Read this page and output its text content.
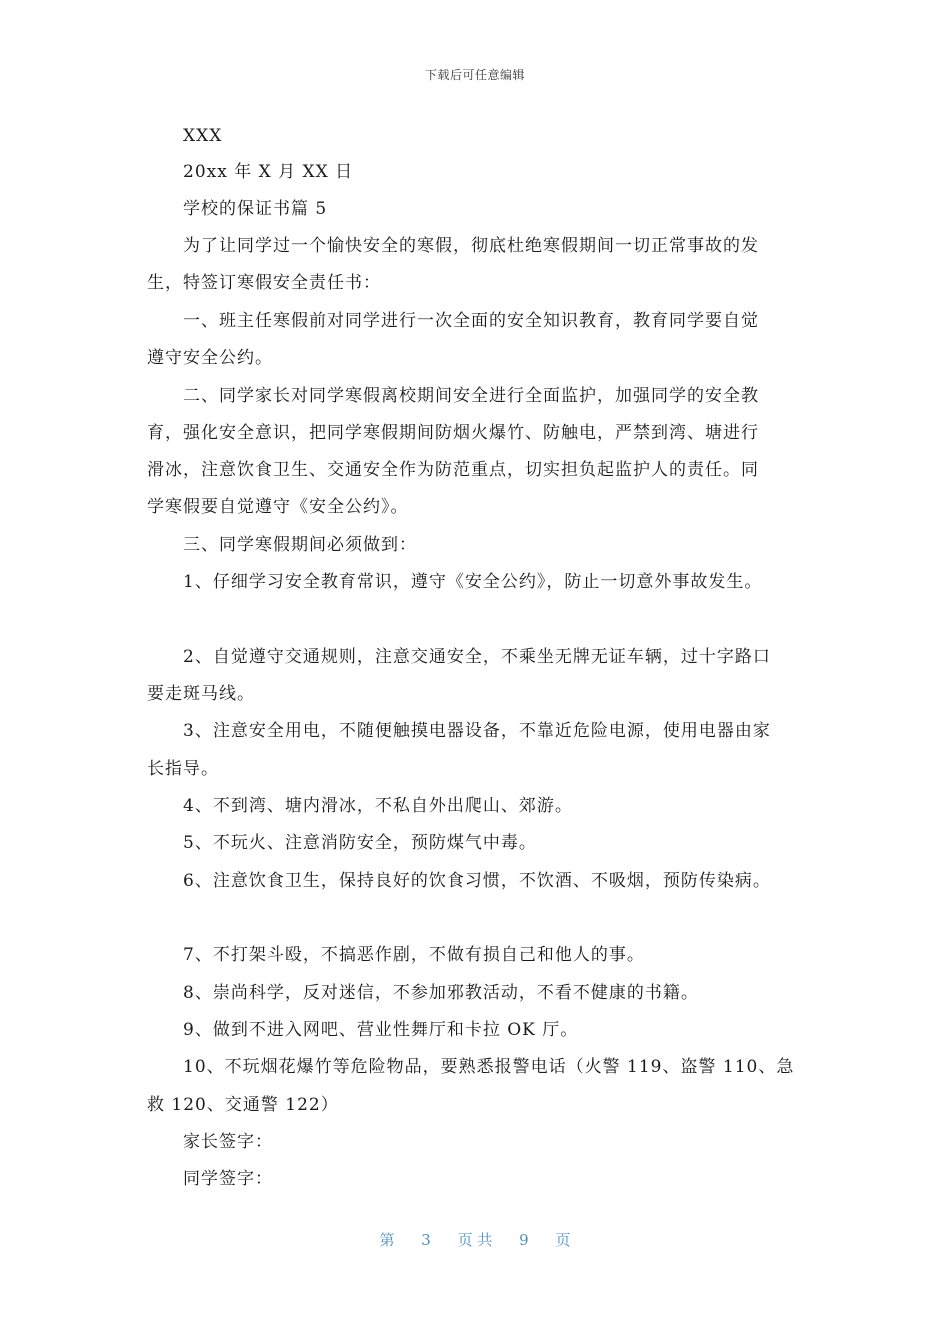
下载后可任意编辑
XXX
20xx 年 X 月 XX 日
学校的保证书篇 5
为了让同学过一个愉快安全的寒假，彻底杜绝寒假期间一切正常事故的发
生，特签订寒假安全责任书：
一、班主任寒假前对同学进行一次全面的安全知识教育，教育同学要自觉
遵守安全公约。
二、同学家长对同学寒假离校期间安全进行全面监护，加强同学的安全教
育，强化安全意识，把同学寒假期间防烟火爆竹、防触电，严禁到湾、塘进行
滑冰，注意饮食卫生、交通安全作为防范重点，切实担负起监护人的责任。同
学寒假要自觉遵守《安全公约》。
三、同学寒假期间必须做到：
1、仔细学习安全教育常识，遵守《安全公约》，防止一切意外事故发生。
2、自觉遵守交通规则，注意交通安全，不乘坐无牌无证车辆，过十字路口
要走斑马线。
3、注意安全用电，不随便触摸电器设备，不靠近危险电源，使用电器由家
长指导。
4、不到湾、塘内滑冰，不私自外出爬山、郊游。
5、不玩火、注意消防安全，预防煤气中毒。
6、注意饮食卫生，保持良好的饮食习惯，不饮酒、不吸烟，预防传染病。
7、不打架斗殴，不搞恶作剧，不做有损自己和他人的事。
8、崇尚科学，反对迷信，不参加邪教活动，不看不健康的书籍。
9、做到不进入网吧、营业性舞厅和卡拉 OK 厅。
10、不玩烟花爆竹等危险物品，要熟悉报警电话（火警 119、盗警 110、急
救 120、交通警 122）
家长签字：
同学签字：
第 3 页 共 9 页
